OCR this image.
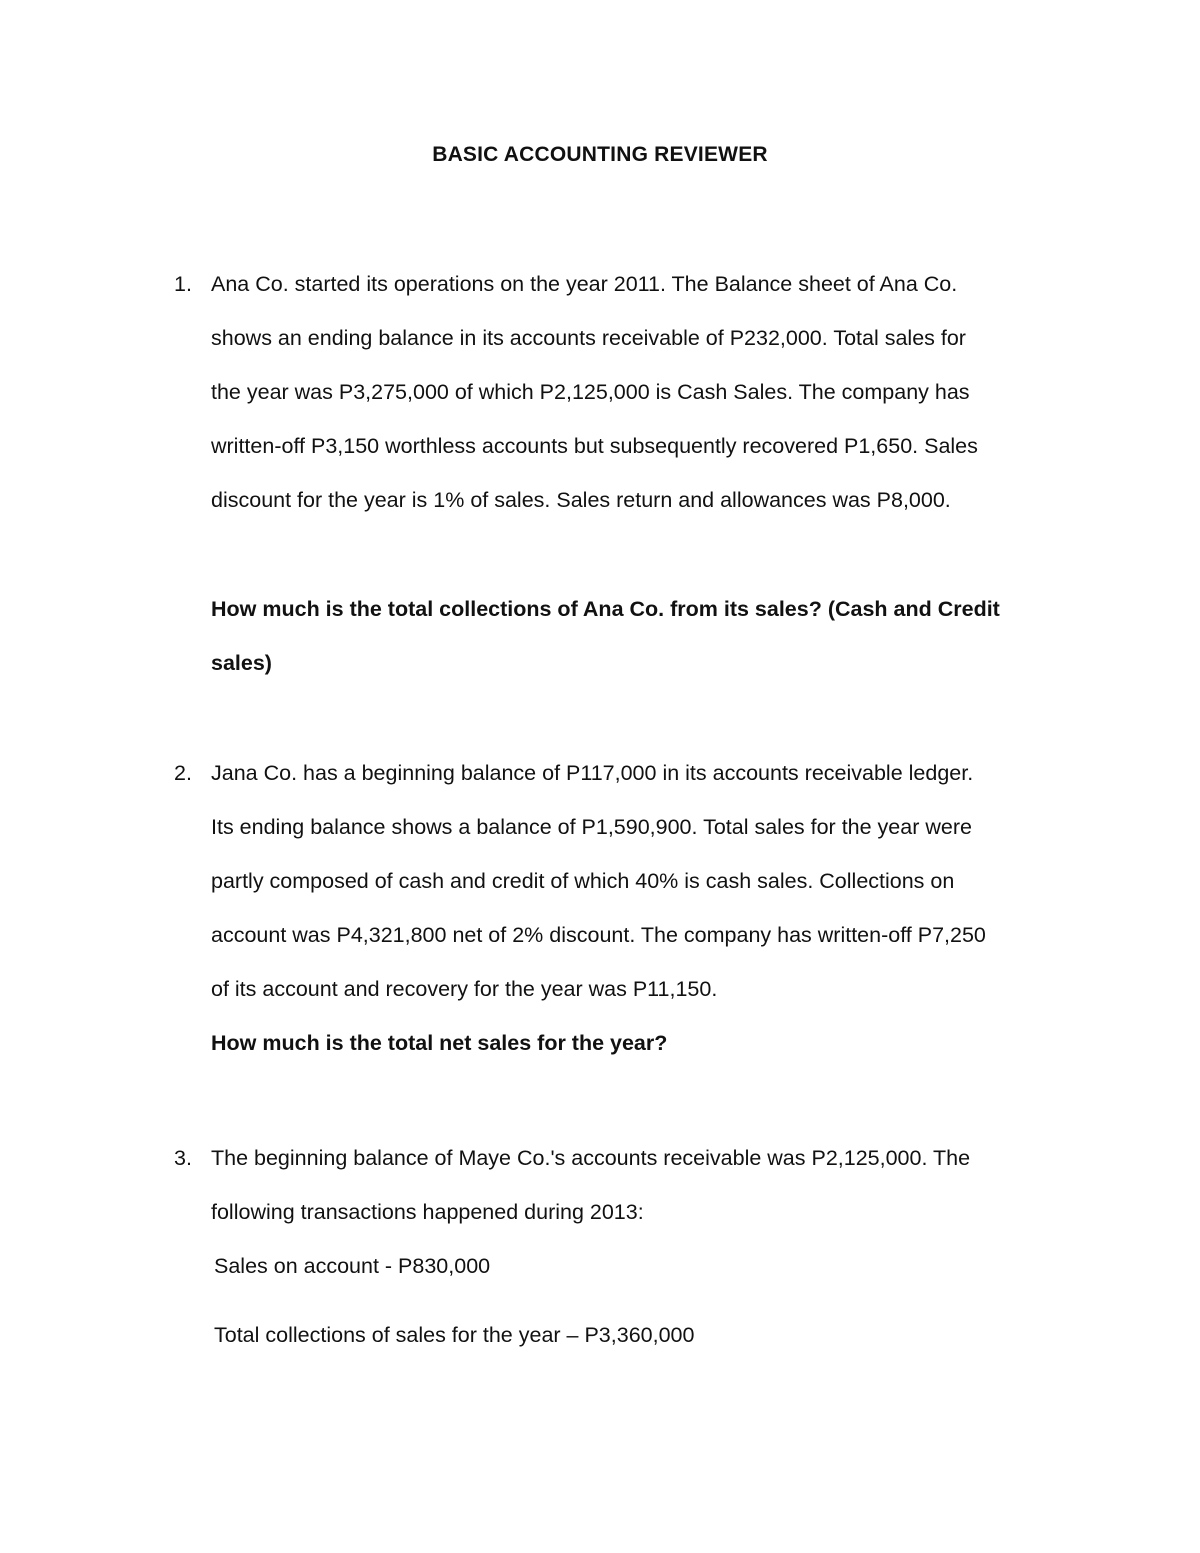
BASIC ACCOUNTING REVIEWER
1. Ana Co. started its operations on the year 2011. The Balance sheet of Ana Co.
shows an ending balance in its accounts receivable of P232,000. Total sales for
the year was P3,275,000 of which P2,125,000 is Cash Sales. The company has
written-off P3,150 worthless accounts but subsequently recovered P1,650. Sales
discount for the year is 1% of sales. Sales return and allowances was P8,000.
How much is the total collections of Ana Co. from its sales? (Cash and Credit
sales)
2. Jana Co. has a beginning balance of P117,000 in its accounts receivable ledger.
Its ending balance shows a balance of P1,590,900. Total sales for the year were
partly composed of cash and credit of which 40% is cash sales. Collections on
account was P4,321,800 net of 2% discount. The company has written-off P7,250
of its account and recovery for the year was P11,150.
How much is the total net sales for the year?
3. The beginning balance of Maye Co.'s accounts receivable was P2,125,000. The
following transactions happened during 2013:
Sales on account - P830,000
Total collections of sales for the year – P3,360,000
